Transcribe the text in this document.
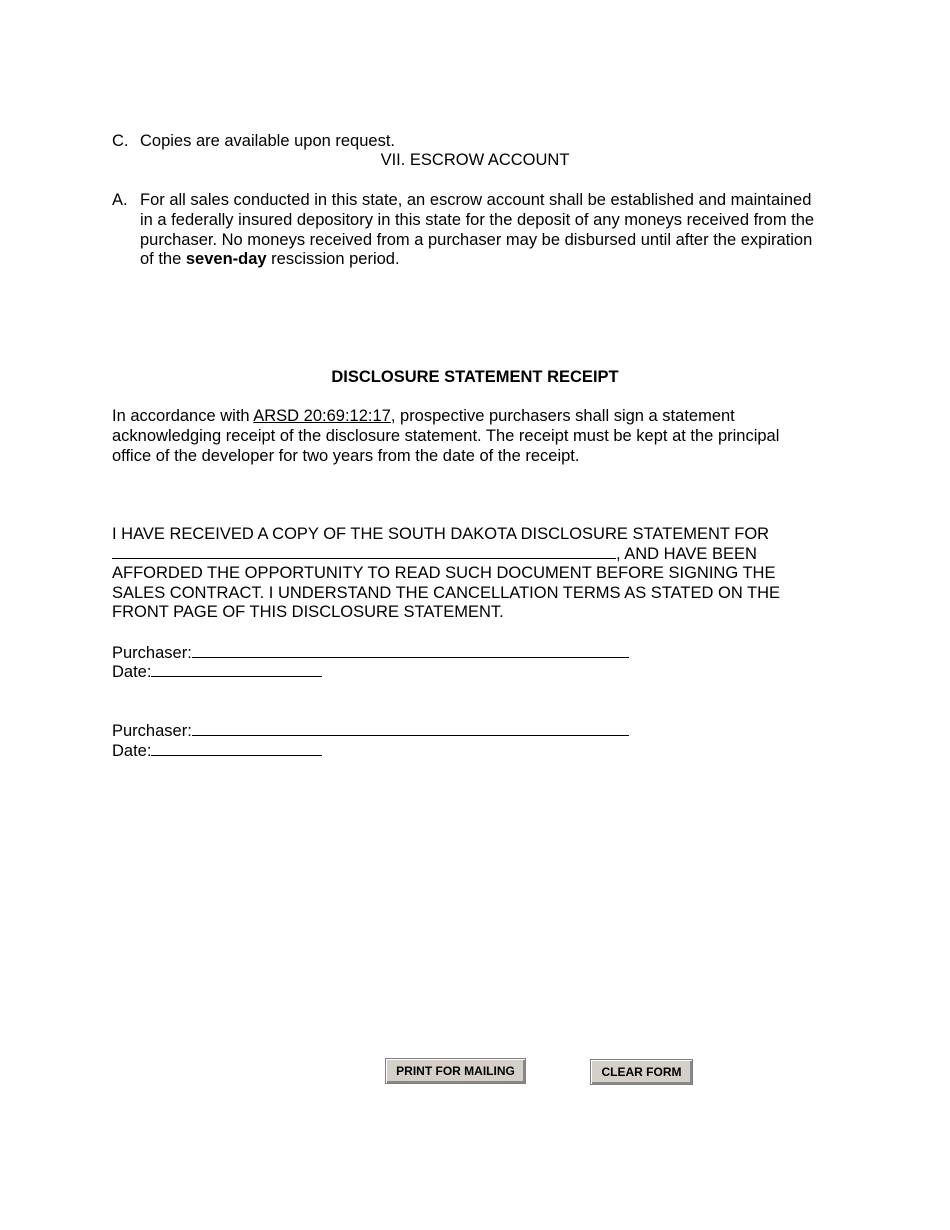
C. Copies are available upon request.
VII. ESCROW ACCOUNT
A. For all sales conducted in this state, an escrow account shall be established and maintained
in a federally insured depository in this state for the deposit of any moneys received from the
purchaser. No moneys received from a purchaser may be disbursed until after the expiration
of the seven-day rescission period.
DISCLOSURE STATEMENT RECEIPT
In accordance with ARSD 20:69:12:17, prospective purchasers shall sign a statement
acknowledging receipt of the disclosure statement. The receipt must be kept at the principal
office of the developer for two years from the date of the receipt.
I HAVE RECEIVED A COPY OF THE SOUTH DAKOTA DISCLOSURE STATEMENT FOR
, AND HAVE BEEN
AFFORDED THE OPPORTUNITY TO READ SUCH DOCUMENT BEFORE SIGNING THE
SALES CONTRACT. I UNDERSTAND THE CANCELLATION TERMS AS STATED ON THE
FRONT PAGE OF THIS DISCLOSURE STATEMENT.
Purchaser:
Date:
Purchaser:
Date:
PRINT FOR MAILING	CLEAR FORM
